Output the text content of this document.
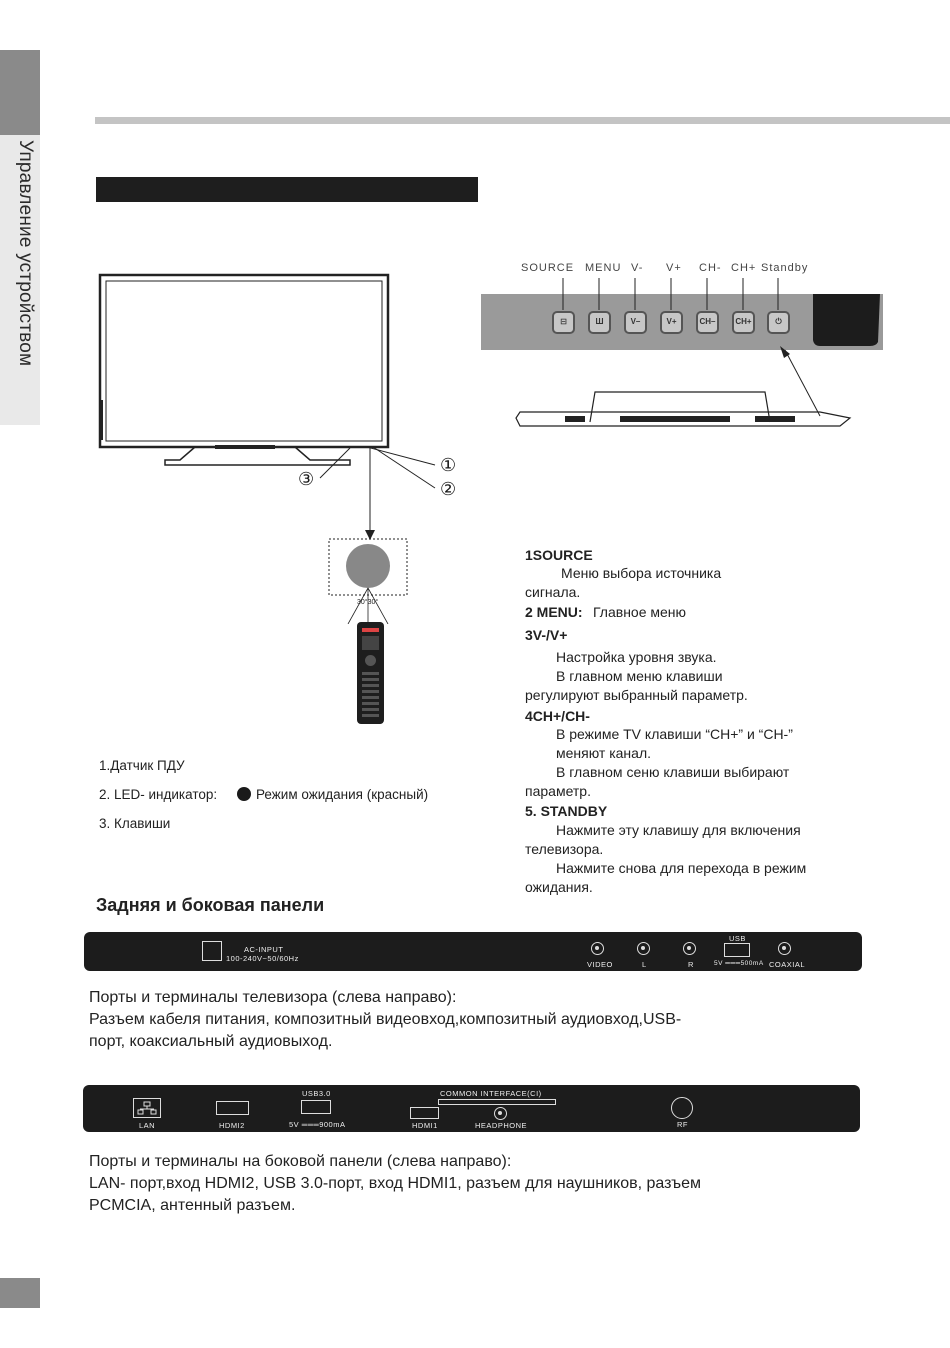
Управление устройством
①
②
③
30°30°
1.Датчик ПДУ
2. LED- индикатор:	Режим ожидания (красный)
3. Клавиши
SOURCE MENU V- V+ CH- CH+ Standby
⊟	Ш	V–	V+	CH–	CH+	⏻
1SOURCE
Меню выбора источника
сигнала.
2 MENU: Главное меню
3V-/V+
Настройка уровня звука.
В главном меню клавиши
регулируют выбранный параметр.
4CH+/CH-
В режиме TV клавиши “CH+” и “CH-”
меняют канал.
В главном сеню клавиши выбирают
параметр.
5. STANDBY
Нажмите эту клавишу для включения
телевизора.
Нажмите снова для перехода в режим
ожидания.
Задняя и боковая панели
AC-INPUT
100-240V~50/60Hz
VIDEO	L	R
USB
5V ═══500mA COAXIAL
Порты и терминалы телевизора (слева направо):
Разъем кабеля питания, композитный видеовход,композитный аудиовход,USB-
порт, коаксиальный аудиовыход.
LAN	HDMI2
USB3.0
5V ═══900mA
COMMON INTERFACE(CI)
HDMI1	HEADPHONE	RF
Порты и терминалы на боковой панели (слева направо):
LAN- порт,вход HDMI2, USB 3.0-порт, вход HDMI1, разъем для наушников, разъем
PCMCIA, антенный разъем.
